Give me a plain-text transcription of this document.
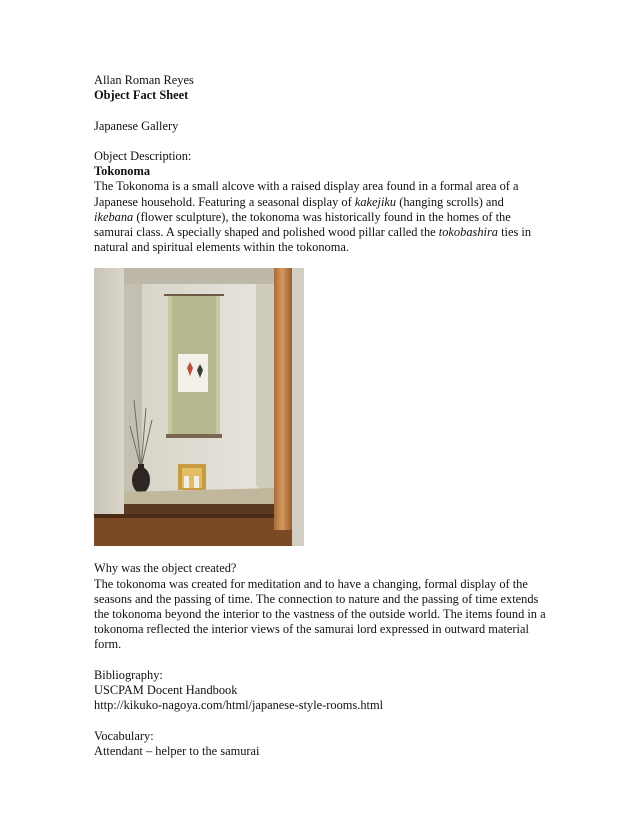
Allan Roman Reyes
Object Fact Sheet
Japanese Gallery
Object Description:
Tokonoma
The Tokonoma is a small alcove with a raised display area found in a formal area of a Japanese household. Featuring a seasonal display of kakejiku (hanging scrolls) and ikebana (flower sculpture), the tokonoma was historically found in the homes of the samurai class. A specially shaped and polished wood pillar called the tokobashira ties in natural and spiritual elements within the tokonoma.
Why was the object created?
The tokonoma was created for meditation and to have a changing, formal display of the seasons and the passing of time. The connection to nature and the passing of time extends the tokonoma beyond the interior to the vastness of the outside world. The items found in a tokonoma reflected the interior views of the samurai lord expressed in outward material form.
Bibliography:
USCPAM Docent Handbook
http://kikuko-nagoya.com/html/japanese-style-rooms.html
Vocabulary:
Attendant – helper to the samurai
